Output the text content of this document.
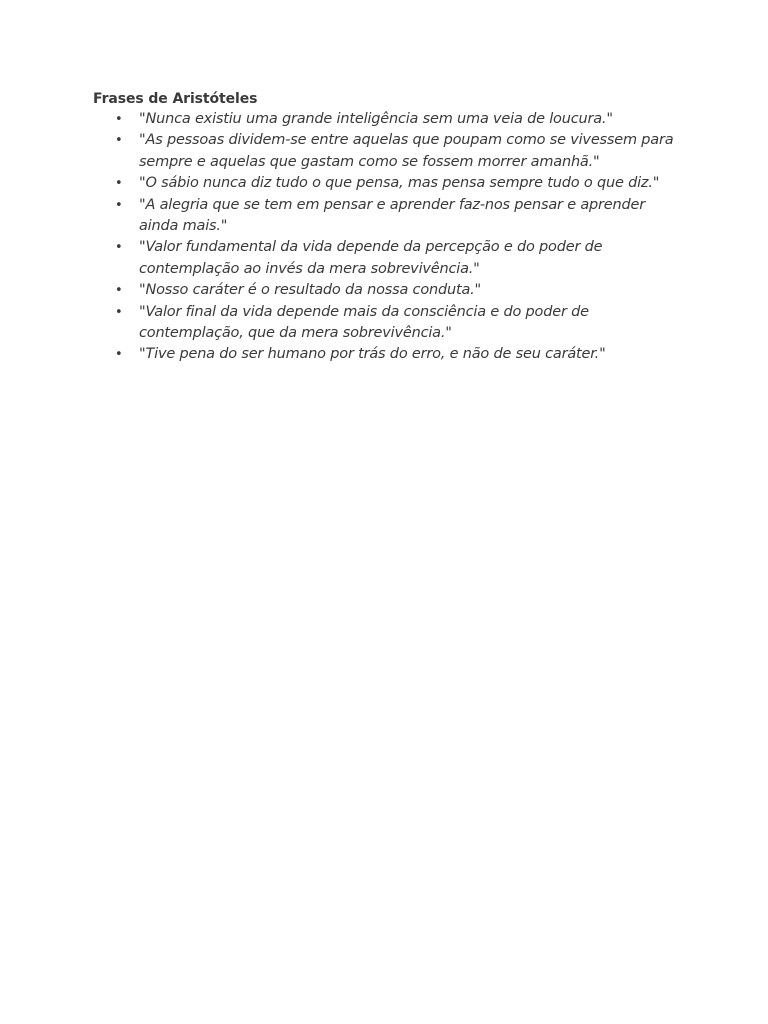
Frases de Aristóteles

• "Nunca existiu uma grande inteligência sem uma veia de loucura."
• "As pessoas dividem-se entre aquelas que poupam como se vivessem para sempre e aquelas que gastam como se fossem morrer amanhã."
• "O sábio nunca diz tudo o que pensa, mas pensa sempre tudo o que diz."
• "A alegria que se tem em pensar e aprender faz-nos pensar e aprender ainda mais."
• "Valor fundamental da vida depende da percepção e do poder de contemplação ao invés da mera sobrevivência."
• "Nosso caráter é o resultado da nossa conduta."
• "Valor final da vida depende mais da consciência e do poder de contemplação, que da mera sobrevivência."
• "Tive pena do ser humano por trás do erro, e não de seu caráter."
